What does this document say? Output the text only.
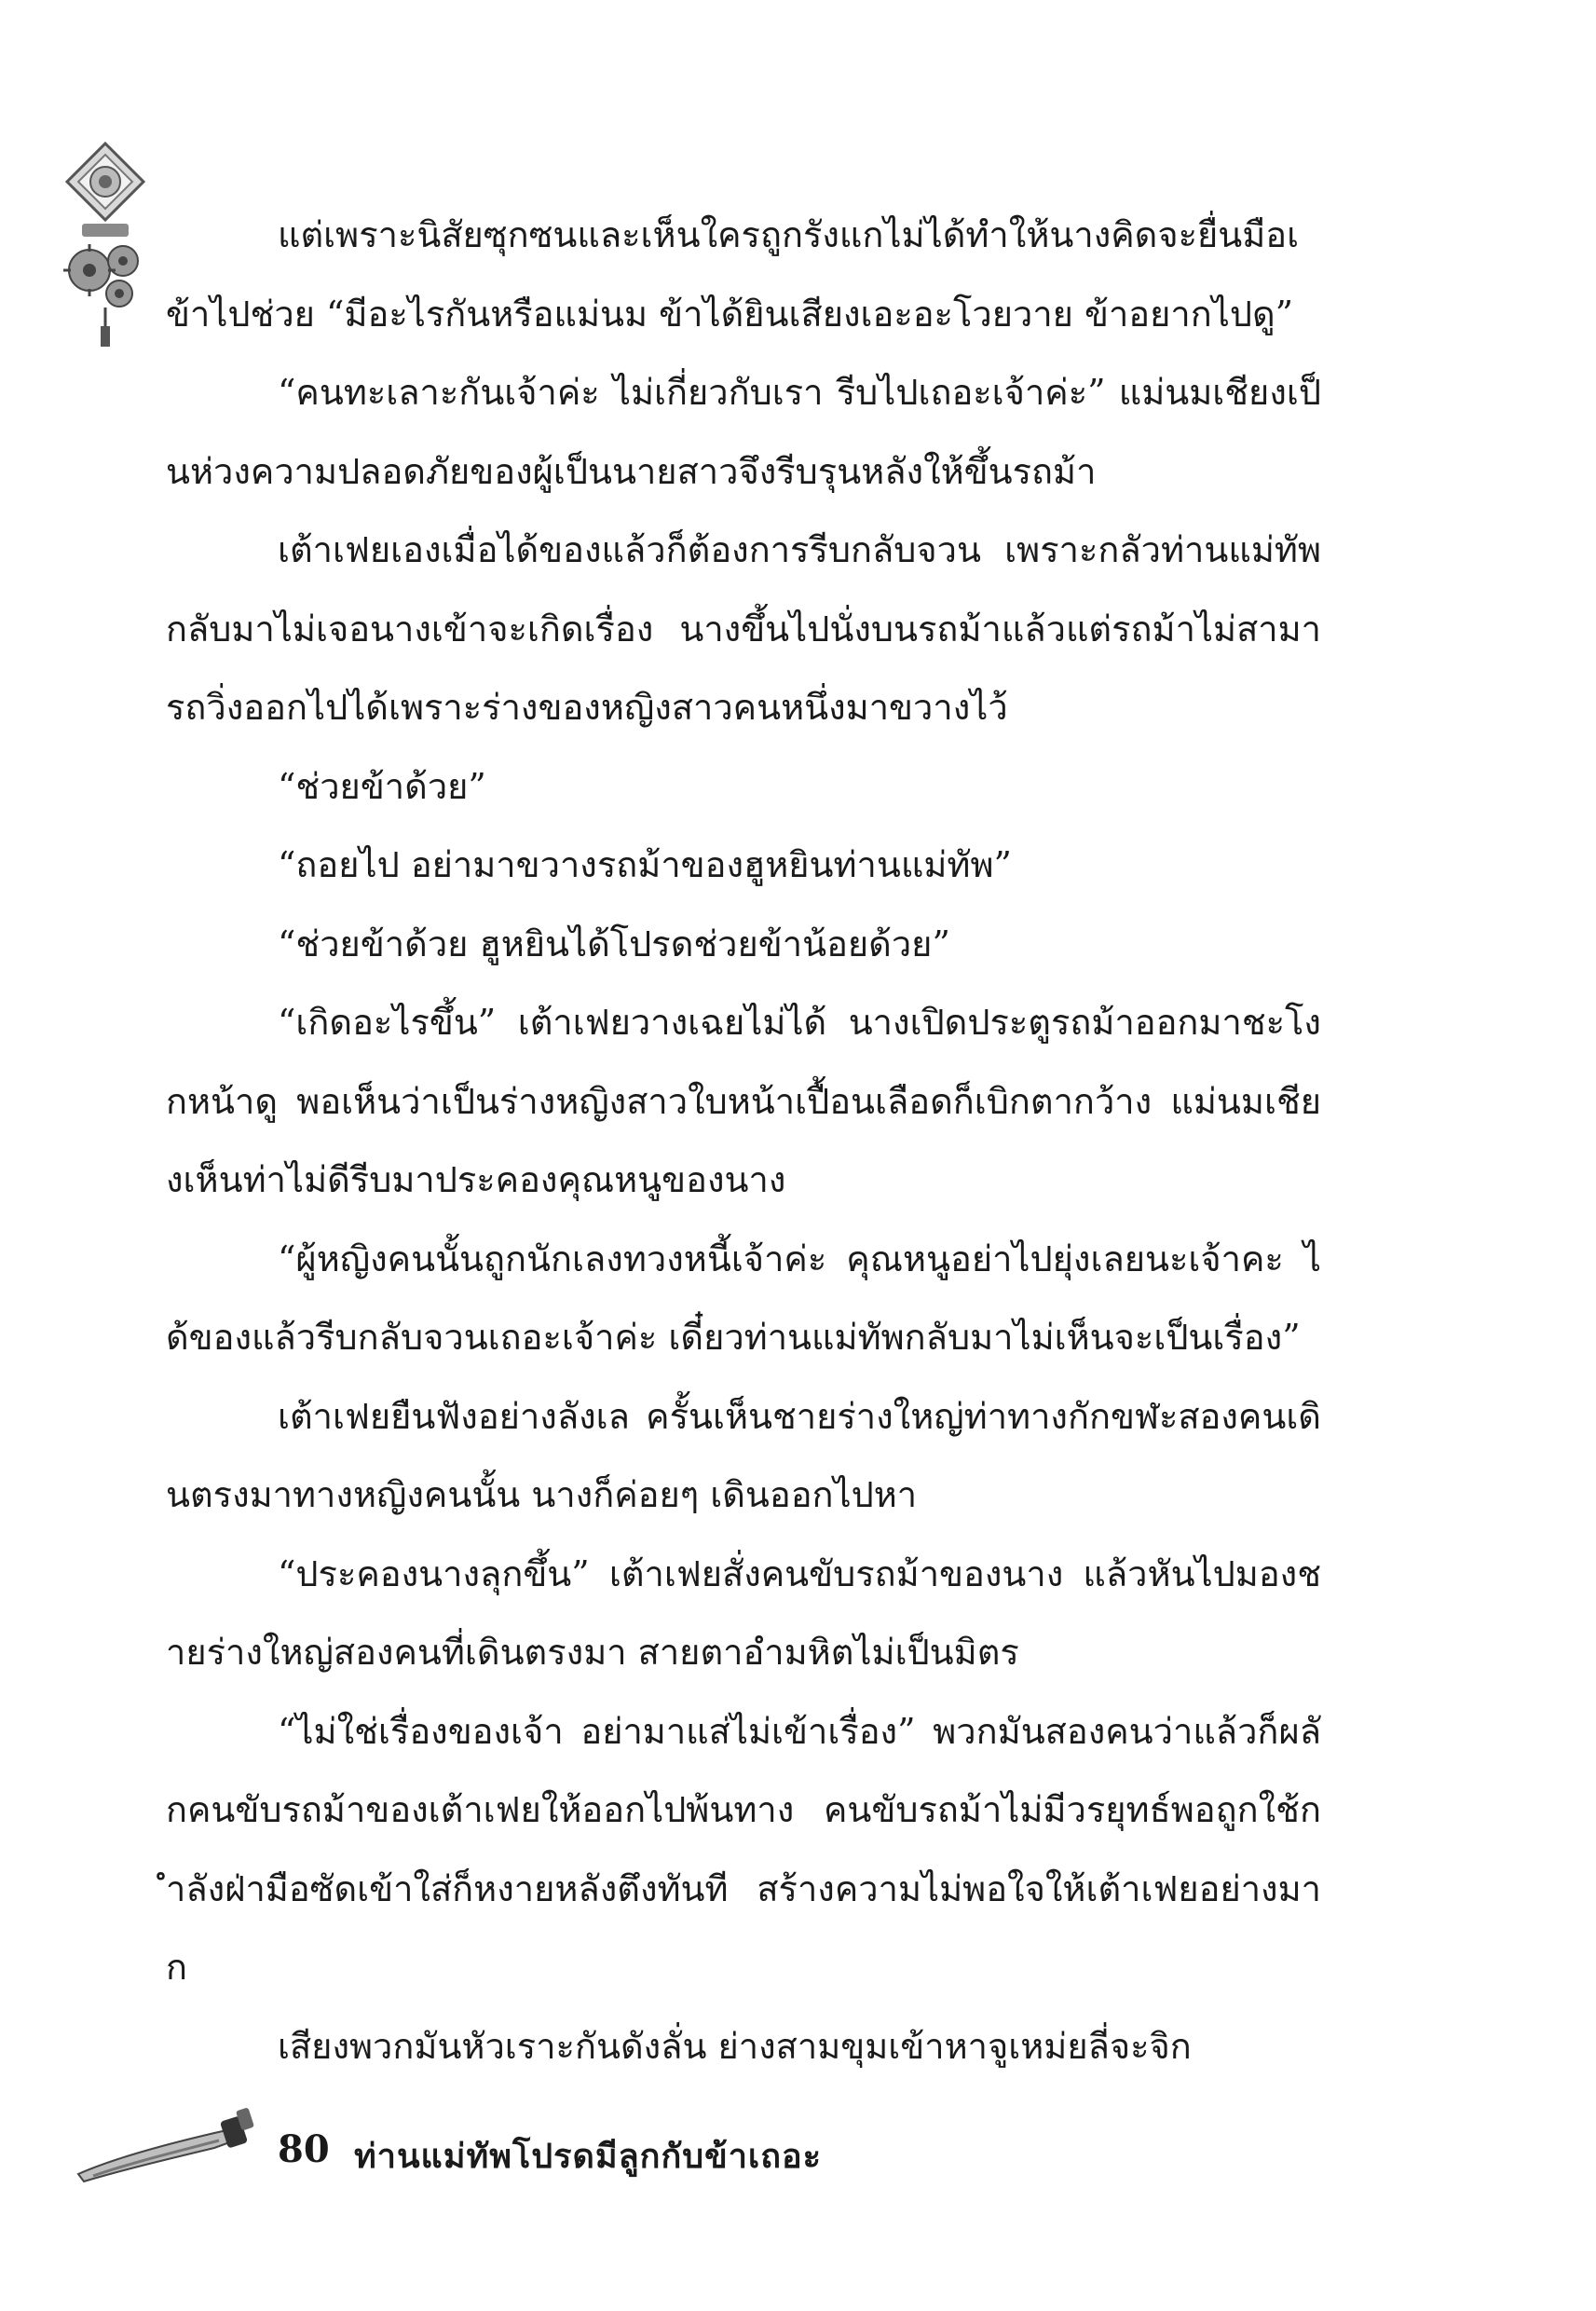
แต่เพราะนิสัยซุกซนและเห็นใครถูกรังแกไม่ได้ทำให้นางคิดจะยื่นมือเข้าไปช่วย “มีอะไรกันหรือแม่นม ข้าได้ยินเสียงเอะอะโวยวาย ข้าอยากไปดู”

“คนทะเลาะกันเจ้าค่ะ ไม่เกี่ยวกับเรา รีบไปเถอะเจ้าค่ะ” แม่นมเชียงเป็นห่วงความปลอดภัยของผู้เป็นนายสาวจึงรีบรุนหลังให้ขึ้นรถม้า

เต้าเฟยเองเมื่อได้ของแล้วก็ต้องการรีบกลับจวน เพราะกลัวท่านแม่ทัพกลับมาไม่เจอนางเข้าจะเกิดเรื่อง นางขึ้นไปนั่งบนรถม้าแล้วแต่รถม้าไม่สามารถวิ่งออกไปได้เพราะร่างของหญิงสาวคนหนึ่งมาขวางไว้

“ช่วยข้าด้วย”

“ถอยไป อย่ามาขวางรถม้าของฮูหยินท่านแม่ทัพ”

“ช่วยข้าด้วย ฮูหยินได้โปรดช่วยข้าน้อยด้วย”

“เกิดอะไรขึ้น” เต้าเฟยวางเฉยไม่ได้ นางเปิดประตูรถม้าออกมาชะโงกหน้าดู พอเห็นว่าเป็นร่างหญิงสาวใบหน้าเปื้อนเลือดก็เบิกตากว้าง แม่นมเชียงเห็นท่าไม่ดีรีบมาประคองคุณหนูของนาง

“ผู้หญิงคนนั้นถูกนักเลงทวงหนี้เจ้าค่ะ คุณหนูอย่าไปยุ่งเลยนะเจ้าคะ ได้ของแล้วรีบกลับจวนเถอะเจ้าค่ะ เดี๋ยวท่านแม่ทัพกลับมาไม่เห็นจะเป็นเรื่อง”

เต้าเฟยยืนฟังอย่างลังเล ครั้นเห็นชายร่างใหญ่ท่าทางกักขฬะสองคนเดินตรงมาทางหญิงคนนั้น นางก็ค่อยๆ เดินออกไปหา

“ประคองนางลุกขึ้น” เต้าเฟยสั่งคนขับรถม้าของนาง แล้วหันไปมองชายร่างใหญ่สองคนที่เดินตรงมา สายตาอำมหิตไม่เป็นมิตร

“ไม่ใช่เรื่องของเจ้า อย่ามาแส่ไม่เข้าเรื่อง” พวกมันสองคนว่าแล้วก็ผลักคนขับรถม้าของเต้าเฟยให้ออกไปพ้นทาง คนขับรถม้าไม่มีวรยุทธ์พอถูกใช้กำลังฝ่ามือซัดเข้าใส่ก็หงายหลังตึงทันที สร้างความไม่พอใจให้เต้าเฟยอย่างมาก

เสียงพวกมันหัวเราะกันดังลั่น ย่างสามขุมเข้าหาจูเหม่ยลี่จะจิก

80 ท่านแม่ทัพโปรดมีลูกกับข้าเถอะ
